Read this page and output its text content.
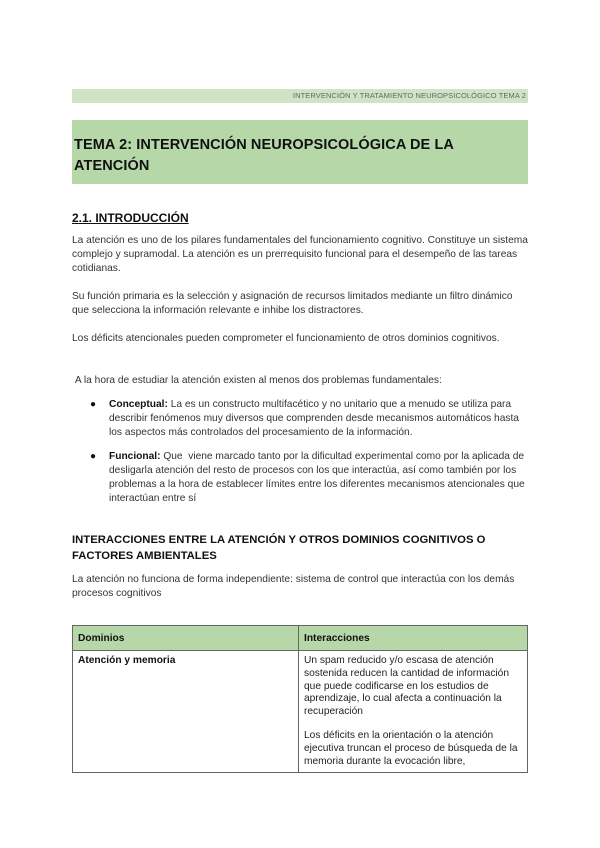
INTERVENCIÓN Y TRATAMIENTO NEUROPSICOLÓGICO TEMA 2
TEMA 2: INTERVENCIÓN NEUROPSICOLÓGICA DE LA ATENCIÓN
2.1. INTRODUCCIÓN

La atención es uno de los pilares fundamentales del funcionamiento cognitivo. Constituye un sistema complejo y supramodal. La atención es un prerrequisito funcional para el desempeño de las tareas cotidianas.

Su función primaria es la selección y asignación de recursos limitados mediante un filtro dinámico que selecciona la información relevante e inhibe los distractores.

Los déficits atencionales pueden comprometer el funcionamiento de otros dominios cognitivos.

A la hora de estudiar la atención existen al menos dos problemas fundamentales:

● Conceptual: La es un constructo multifacético y no unitario que a menudo se utiliza para describir fenómenos muy diversos que comprenden desde mecanismos automáticos hasta los aspectos más controlados del procesamiento de la información.
● Funcional: Que  viene marcado tanto por la dificultad experimental como por la aplicada de desligarla atención del resto de procesos con los que interactúa, así como también por los problemas a la hora de establecer límites entre los diferentes mecanismos atencionales que interactúan entre sí
INTERACCIONES ENTRE LA ATENCIÓN Y OTROS DOMINIOS COGNITIVOS O FACTORES AMBIENTALES

La atención no funciona de forma independiente: sistema de control que interactúa con los demás procesos cognitivos

Dominios	Interacciones
Atención y memoria	Un spam reducido y/o escasa de atención sostenida reducen la cantidad de información que puede codificarse en los estudios de aprendizaje, lo cual afecta a continuación la recuperación

Los déficits en la orientación o la atención ejecutiva truncan el proceso de búsqueda de la memoria durante la evocación libre,
